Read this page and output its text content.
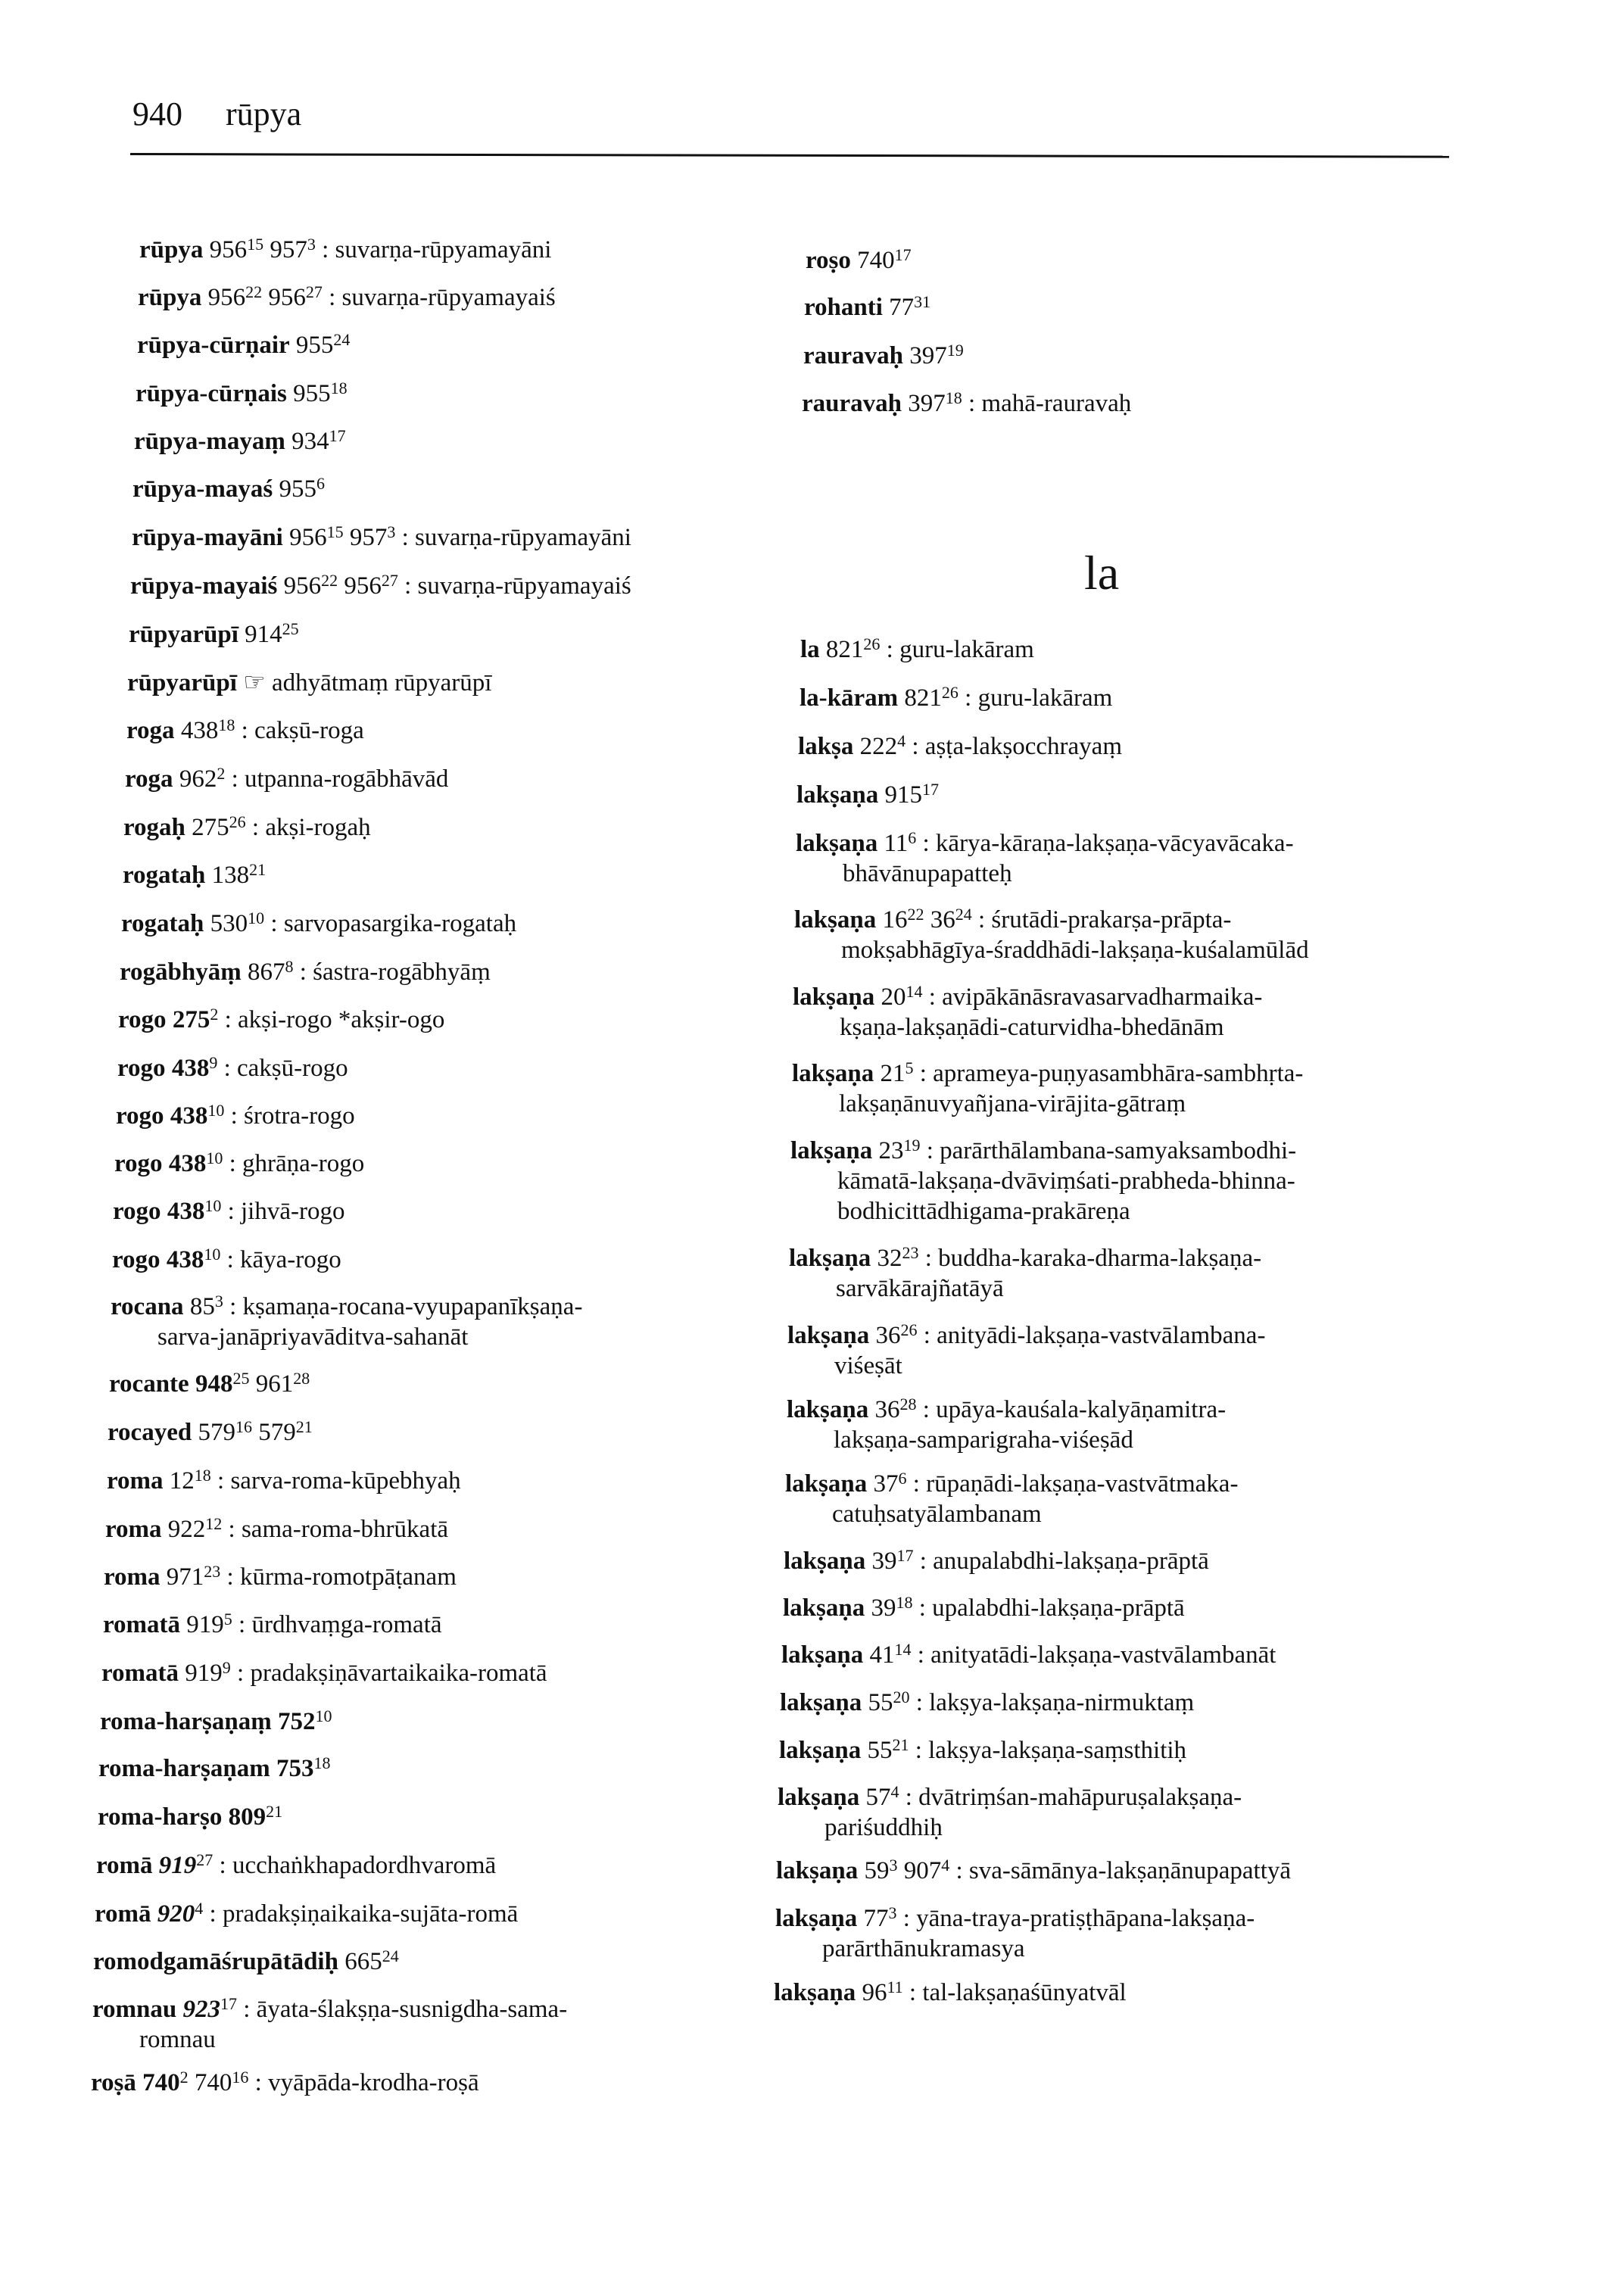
940 rūpya
rūpya $956^{15}$ $957^3$ : suvarṇa-rūpyamayāni
rūpya $956^{22}$ $956^{27}$ : suvarṇa-rūpyamayaiś
rūpya-cūrṇair $955^{24}$
rūpya-cūrṇais $955^{18}$
rūpya-mayaṃ $934^{17}$
rūpya-mayaś $955^6$
rūpya-mayāni $956^{15}$ $957^3$ : suvarṇa-rūpyamayāni
rūpya-mayaiś $956^{22}$ $956^{27}$ : suvarṇa-rūpyamayaiś
rūpyarūpī $914^{25}$
rūpyarūpī ☞ adhyātmaṃ rūpyarūpī
roga $438^{18}$ : cakṣū-roga
roga $962^2$ : utpanna-rogābhāvād
rogaḥ $275^{26}$ : akṣi-rogaḥ
rogataḥ $138^{21}$
rogataḥ $530^{10}$ : sarvopasargika-rogataḥ
rogābhyāṃ $867^8$ : śastra-rogābhyāṃ
rogo $275^2$ : akṣi-rogo *akṣir-ogo
rogo $438^9$ : cakṣū-rogo
rogo $438^{10}$ : śrotra-rogo
rogo $438^{10}$ : ghrāṇa-rogo
rogo $438^{10}$ : jihvā-rogo
rogo $438^{10}$ : kāya-rogo
rocana $85^3$ : kṣamaṇa-rocana-vyupapanīkṣaṇa-
sarva-janāpriyavāditva-sahanāt
rocante $948^{25}$ $961^{28}$
rocayed $579^{16}$ $579^{21}$
roma $12^{18}$ : sarva-roma-kūpebhyaḥ
roma $922^{12}$ : sama-roma-bhrūkatā
roma $971^{23}$ : kūrma-romotpāṭanam
romatā $919^5$ : ūrdhvaṃga-romatā
romatā $919^9$ : pradakṣiṇāvartaikaika-romatā
roma-harṣaṇaṃ $752^{10}$
roma-harṣaṇam $753^{18}$
roma-harṣo $809^{21}$
romā $919^{27}$ : ucchaṅkhapadordhvaromā
romā $920^4$ : pradakṣiṇaikaika-sujāta-romā
romodgamāśrupātādiḥ $665^{24}$
romnau $923^{17}$ : āyata-ślakṣṇa-susnigdha-sama-
romnau
roṣā $740^2$ $740^{16}$ : vyāpāda-krodha-roṣā
roṣo $740^{17}$
rohanti $77^{31}$
rauravaḥ $397^{19}$
rauravaḥ $397^{18}$ : mahā-rauravaḥ
la $821^{26}$ : guru-lakāram
la-kāram $821^{26}$ : guru-lakāram
lakṣa $222^4$ : aṣṭa-lakṣocchrayaṃ
lakṣaṇa $915^{17}$
lakṣaṇa $11^6$ : kārya-kāraṇa-lakṣaṇa-vācyavācaka-
bhāvānupapatteḥ
lakṣaṇa $16^{22}$ $36^{24}$ : śrutādi-prakarṣa-prāpta-
mokṣabhāgīya-śraddhādi-lakṣaṇa-kuśalamūlād
lakṣaṇa $20^{14}$ : avipākānāsravasarvadharmaika-
kṣaṇa-lakṣaṇādi-caturvidha-bhedānām
lakṣaṇa $21^5$ : aprameya-puṇyasambhāra-sambhṛta-
lakṣaṇānuvyañjana-virājita-gātraṃ
lakṣaṇa $23^{19}$ : parārthālambana-samyaksambodhi-
kāmatā-lakṣaṇa-dvāviṃśati-prabheda-bhinna-
bodhicittādhigama-prakāreṇa
lakṣaṇa $32^{23}$ : buddha-karaka-dharma-lakṣaṇa-
sarvākārajñatāyā
lakṣaṇa $36^{26}$ : anityādi-lakṣaṇa-vastvālambana-
viśeṣāt
lakṣaṇa $36^{28}$ : upāya-kauśala-kalyāṇamitra-
lakṣaṇa-samparigraha-viśeṣād
lakṣaṇa $37^6$ : rūpaṇādi-lakṣaṇa-vastvātmaka-
catuḥsatyālambanam
lakṣaṇa $39^{17}$ : anupalabdhi-lakṣaṇa-prāptā
lakṣaṇa $39^{18}$ : upalabdhi-lakṣaṇa-prāptā
lakṣaṇa $41^{14}$ : anityatādi-lakṣaṇa-vastvālambanāt
lakṣaṇa $55^{20}$ : lakṣya-lakṣaṇa-nirmuktaṃ
lakṣaṇa $55^{21}$ : lakṣya-lakṣaṇa-saṃsthitiḥ
lakṣaṇa $57^4$ : dvātriṃśan-mahāpuruṣalakṣaṇa-
pariśuddhiḥ
lakṣaṇa $59^3$ $907^4$ : sva-sāmānya-lakṣaṇānupapattyā
lakṣaṇa $77^3$ : yāna-traya-pratiṣṭhāpana-lakṣaṇa-
parārthānukramasya
lakṣaṇa $96^{11}$ : tal-lakṣaṇaśūnyatvāl
la
